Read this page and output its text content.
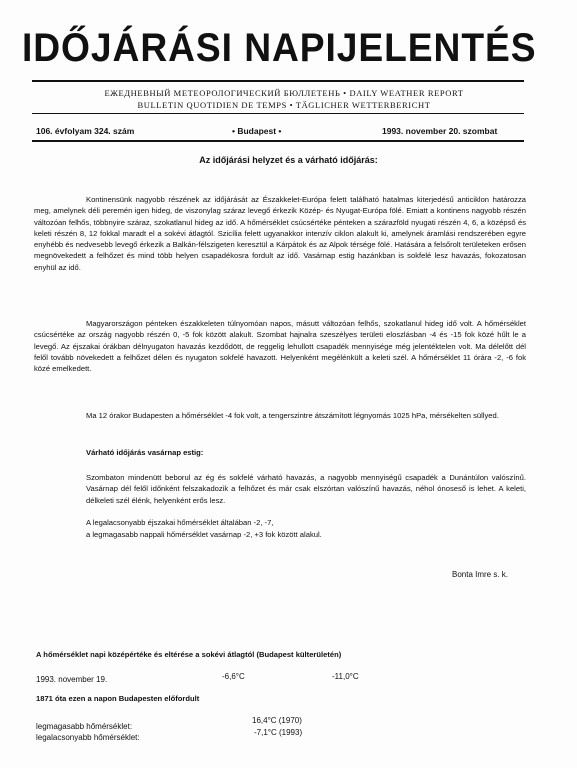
IDŐJÁRÁSI NAPIJELENTÉS
ЕЖЕДНЕВНЫЙ МЕТЕОРОЛОГИЧЕСКИЙ БЮЛЛЕТЕНЬ • DAILY WEATHER REPORT
BULLETIN QUOTIDIEN DE TEMPS • TÄGLICHER WETTERBERICHT
106. évfolyam 324. szám	• Budapest •	1993. november 20. szombat
Az időjárási helyzet és a várható időjárás:
Kontinensünk nagyobb részének az időjárását az Északkelet-Európa felett található hatalmas kiterjedésű anticiklon határozza meg, amelynek déli peremén igen hideg, de viszonylag száraz levegő érkezik Közép- és Nyugat-Európa fölé. Emiatt a kontinens nagyobb részén változóan felhős, többnyire száraz, szokatlanul hideg az idő. A hőmérséklet csúcsértéke pénteken a szárazföld nyugati részén 4, 6, a középső és keleti részén 8, 12 fokkal maradt el a sokévi átlagtól. Szicília felett ugyanakkor intenzív ciklon alakult ki, amelynek áramlási rendszerében egyre enyhébb és nedvesebb levegő érkezik a Balkán-félszigeten keresztül a Kárpátok és az Alpok térsége fölé. Hatására a felsőrolt területeken erősen megnövekedett a felhőzet és mind több helyen csapadékosra fordult az idő. Vasárnap estig hazánkban is sokfelé lesz havazás, fokozatosan enyhül az idő.
Magyarországon pénteken északkeleten túlnyomóan napos, másutt változóan felhős, szokatlanul hideg idő volt. A hőmérséklet csúcsértéke az ország nagyobb részén 0, -5 fok között alakult. Szombat hajnalra szeszélyes területi eloszlásban -4 és -15 fok közé hűlt le a levegő. Az éjszakai órákban délnyugaton havazás kezdődött, de reggelig lehullott csapadék mennyisége még jelentéktelen volt. Ma délelőtt dél felől tovább növekedett a felhőzet délen és nyugaton sokfelé havazott. Helyenként megélénkült a keleti szél. A hőmérséklet 11 órára -2, -6 fok közé emelkedett.
Ma 12 órakor Budapesten a hőmérséklet -4 fok volt, a tengerszintre átszámított légnyomás 1025 hPa, mérsékelten süllyed.
Várható időjárás vasárnap estig:
Szombaton mindenütt beborul az ég és sokfelé várható havazás, a nagyobb mennyiségű csapadék a Dunántúlon valószínű. Vasárnap dél felől időnként felszakadozik a felhőzet és már csak elszórtan valószínű havazás, néhol ónoseső is lehet. A keleti, délkeleti szél élénk, helyenként erős lesz.
A legalacsonyabb éjszakai hőmérséklet általában -2, -7,
a legmagasabb nappali hőmérséklet vasárnap -2, +3 fok között alakul.
Bonta Imre s. k.
A hőmérséklet napi középértéke és eltérése a sokévi átlagtól (Budapest külterületén)
1993. november 19.	-6,6°C	-11,0°C
1871 óta ezen a napon Budapesten előfordult
legmagasabb hőmérséklet:
16,4°C (1970)
legalacsonyabb hőmérséklet:
-7,1°C (1993)
